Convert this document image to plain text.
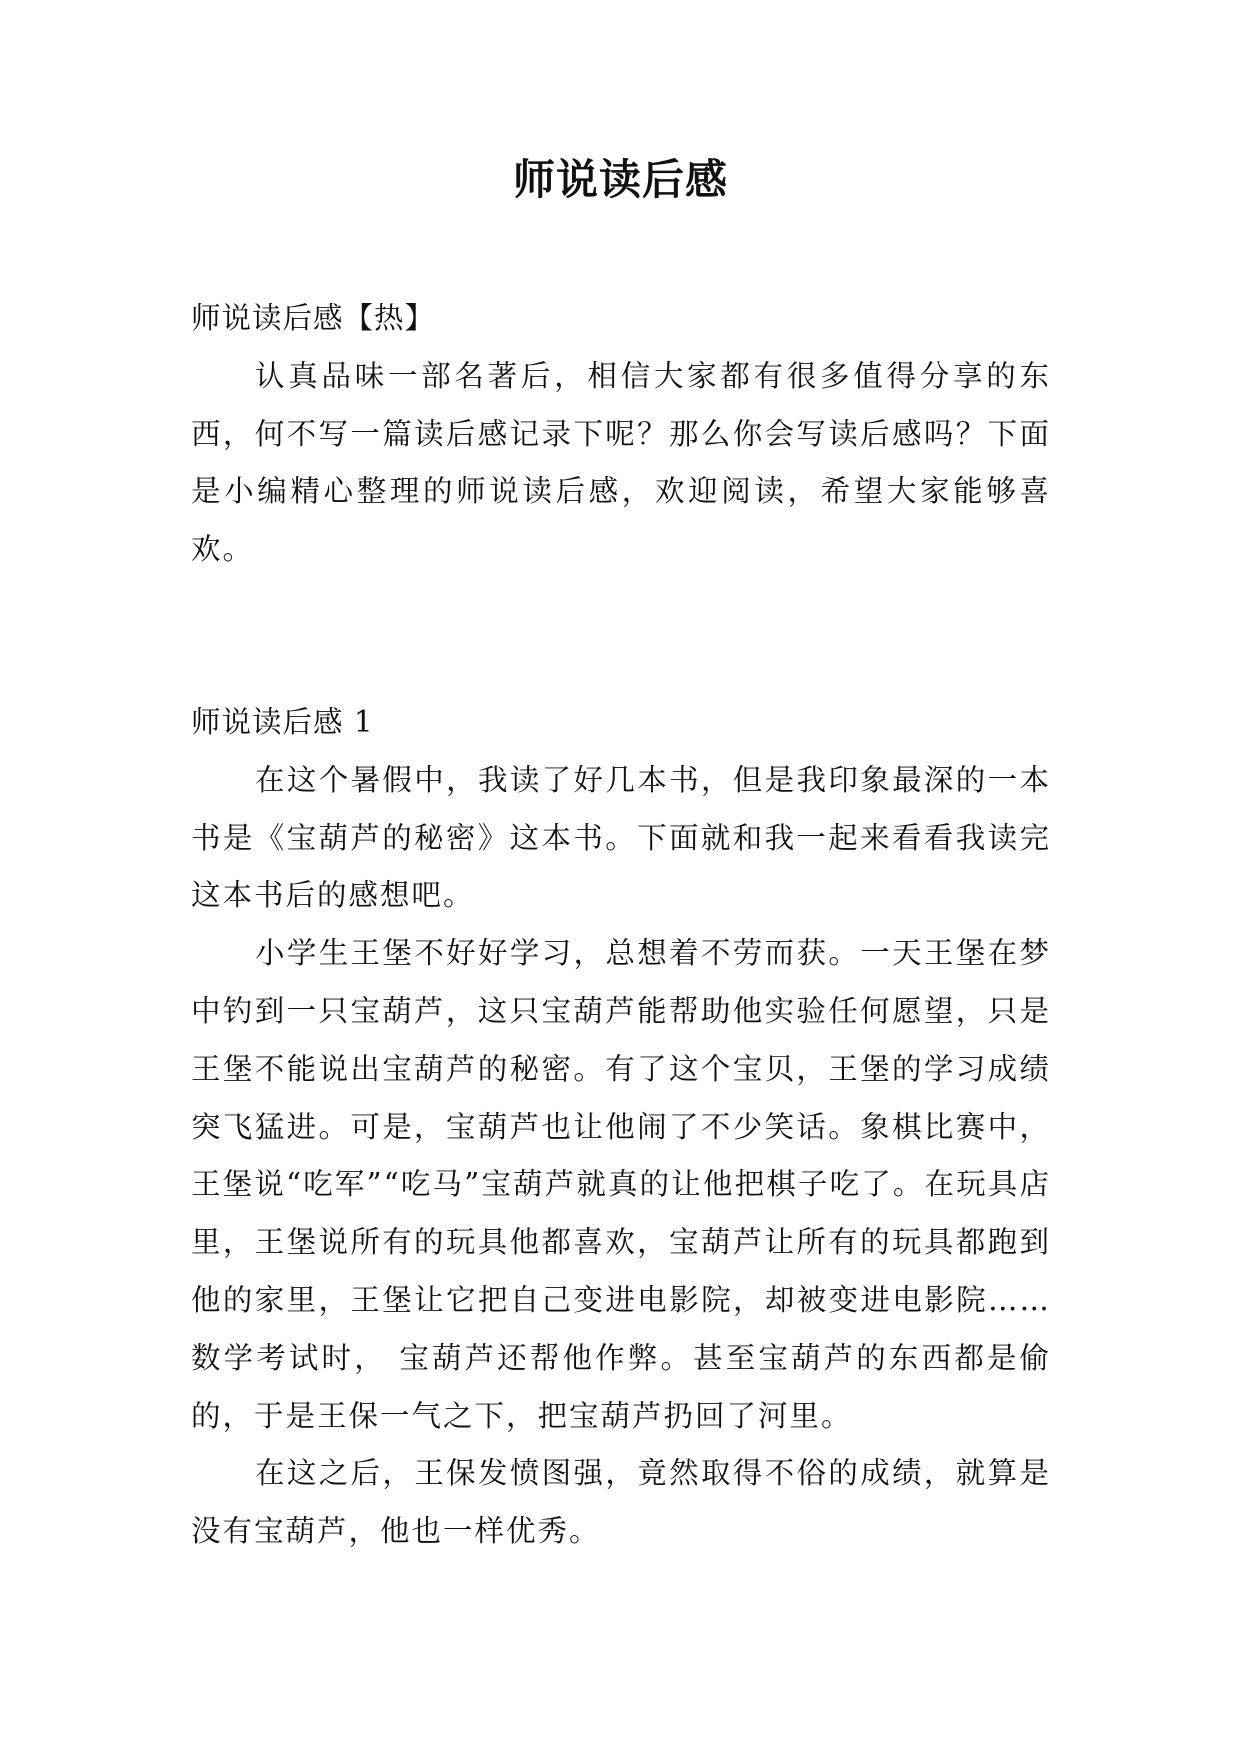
师说读后感

师说读后感【热】

认真品味一部名著后，相信大家都有很多值得分享的东西，何不写一篇读后感记录下呢？那么你会写读后感吗？下面是小编精心整理的师说读后感，欢迎阅读，希望大家能够喜欢。

师说读后感 1

在这个暑假中，我读了好几本书，但是我印象最深的一本书是《宝葫芦的秘密》这本书。下面就和我一起来看看我读完这本书后的感想吧。

小学生王堡不好好学习，总想着不劳而获。一天王堡在梦中钓到一只宝葫芦，这只宝葫芦能帮助他实验任何愿望，只是王堡不能说出宝葫芦的秘密。有了这个宝贝，王堡的学习成绩突飞猛进。可是，宝葫芦也让他闹了不少笑话。象棋比赛中，王堡说“吃军”“吃马”宝葫芦就真的让他把棋子吃了。在玩具店里，王堡说所有的玩具他都喜欢，宝葫芦让所有的玩具都跑到他的家里，王堡让它把自己变进电影院，却被变进电影院……数学考试时， 宝葫芦还帮他作弊。甚至宝葫芦的东西都是偷的，于是王保一气之下，把宝葫芦扔回了河里。

在这之后，王保发愤图强，竟然取得不俗的成绩，就算是没有宝葫芦，他也一样优秀。
